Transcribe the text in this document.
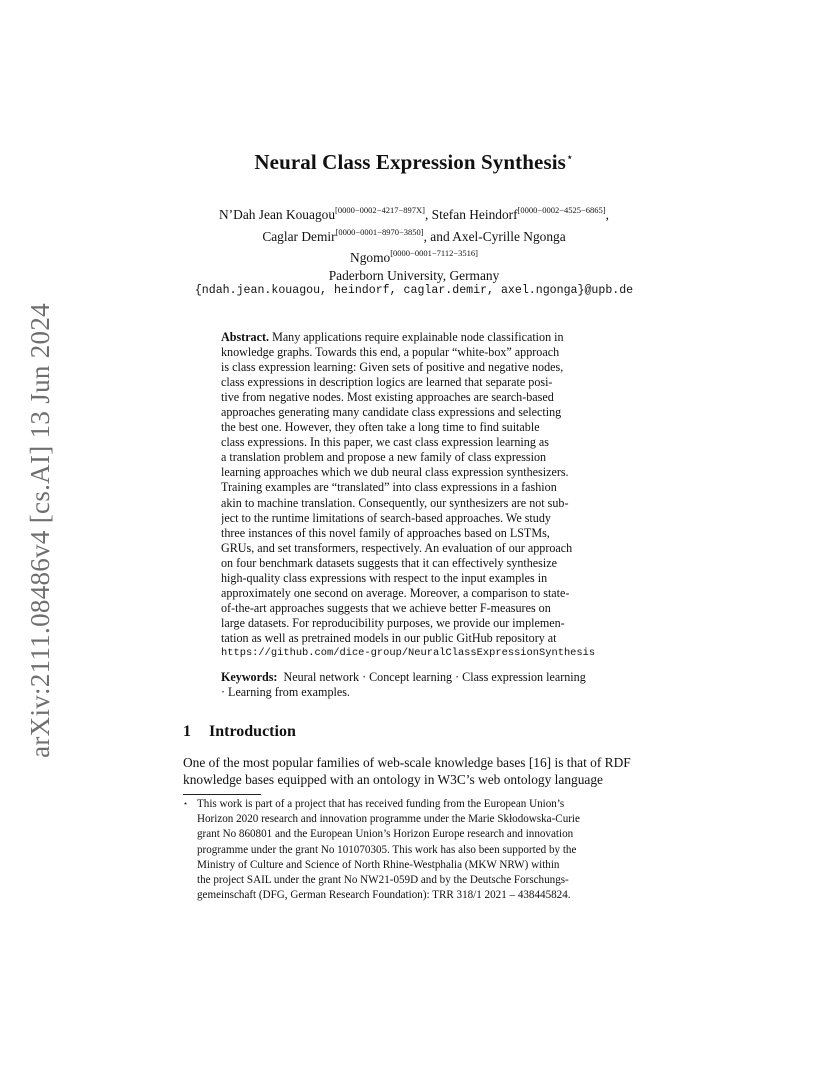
arXiv:2111.08486v4 [cs.AI] 13 Jun 2024
Neural Class Expression Synthesis⋆
N’Dah Jean Kouagou[0000−0002−4217−897X], Stefan Heindorf[0000−0002−4525−6865],
Caglar Demir[0000−0001−8970−3850], and Axel-Cyrille Ngonga
Ngomo[0000−0001−7112−3516]
Paderborn University, Germany
{ndah.jean.kouagou, heindorf, caglar.demir, axel.ngonga}@upb.de
Abstract. Many applications require explainable node classification in
knowledge graphs. Towards this end, a popular “white-box” approach
is class expression learning: Given sets of positive and negative nodes,
class expressions in description logics are learned that separate posi-
tive from negative nodes. Most existing approaches are search-based
approaches generating many candidate class expressions and selecting
the best one. However, they often take a long time to find suitable
class expressions. In this paper, we cast class expression learning as
a translation problem and propose a new family of class expression
learning approaches which we dub neural class expression synthesizers.
Training examples are “translated” into class expressions in a fashion
akin to machine translation. Consequently, our synthesizers are not sub-
ject to the runtime limitations of search-based approaches. We study
three instances of this novel family of approaches based on LSTMs,
GRUs, and set transformers, respectively. An evaluation of our approach
on four benchmark datasets suggests that it can effectively synthesize
high-quality class expressions with respect to the input examples in
approximately one second on average. Moreover, a comparison to state-
of-the-art approaches suggests that we achieve better F-measures on
large datasets. For reproducibility purposes, we provide our implemen-
tation as well as pretrained models in our public GitHub repository at
https://github.com/dice-group/NeuralClassExpressionSynthesis
Keywords: Neural network · Concept learning · Class expression learning
· Learning from examples.
1 Introduction
One of the most popular families of web-scale knowledge bases [16] is that of RDF
knowledge bases equipped with an ontology in W3C’s web ontology language
⋆ This work is part of a project that has received funding from the European Union’s
Horizon 2020 research and innovation programme under the Marie Skłodowska-Curie
grant No 860801 and the European Union’s Horizon Europe research and innovation
programme under the grant No 101070305. This work has also been supported by the
Ministry of Culture and Science of North Rhine-Westphalia (MKW NRW) within
the project SAIL under the grant No NW21-059D and by the Deutsche Forschungs-
gemeinschaft (DFG, German Research Foundation): TRR 318/1 2021 – 438445824.
